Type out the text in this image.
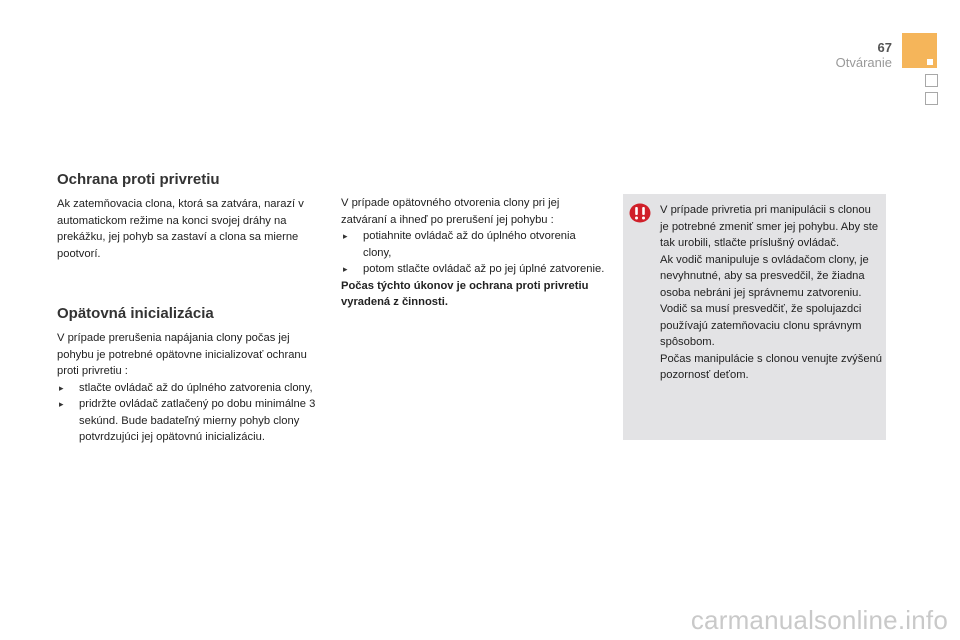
67
Otváranie
Ochrana proti privretiu

Ak zatemňovacia clona, ktorá sa zatvára, narazí v automatickom režime na konci svojej dráhy na prekážku, jej pohyb sa zastaví a clona sa mierne pootvorí.

Opätovná inicializácia

V prípade prerušenia napájania clony počas jej pohybu je potrebné opätovne inicializovať ochranu proti privretiu :

▸ stlačte ovládač až do úplného zatvorenia clony,
▸ pridržte ovládač zatlačený po dobu minimálne 3 sekúnd. Bude badateľný mierny pohyb clony potvrdzujúci jej opätovnú inicializáciu.

V prípade opätovného otvorenia clony pri jej zatváraní a ihneď po prerušení jej pohybu :

▸ potiahnite ovládač až do úplného otvorenia clony,
▸ potom stlačte ovládač až po jej úplné zatvorenie.

Počas týchto úkonov je ochrana proti privretiu vyradená z činnosti.

V prípade privretia pri manipulácii s clonou je potrebné zmeniť smer jej pohybu. Aby ste tak urobili, stlačte príslušný ovládač.

Ak vodič manipuluje s ovládačom clony, je nevyhnutné, aby sa presvedčil, že žiadna osoba nebráni jej správnemu zatvoreniu.

Vodič sa musí presvedčiť, že spolujazdci používajú zatemňovaciu clonu správnym spôsobom.

Počas manipulácie s clonou venujte zvýšenú pozornosť deťom.

carmanualsonline.info
